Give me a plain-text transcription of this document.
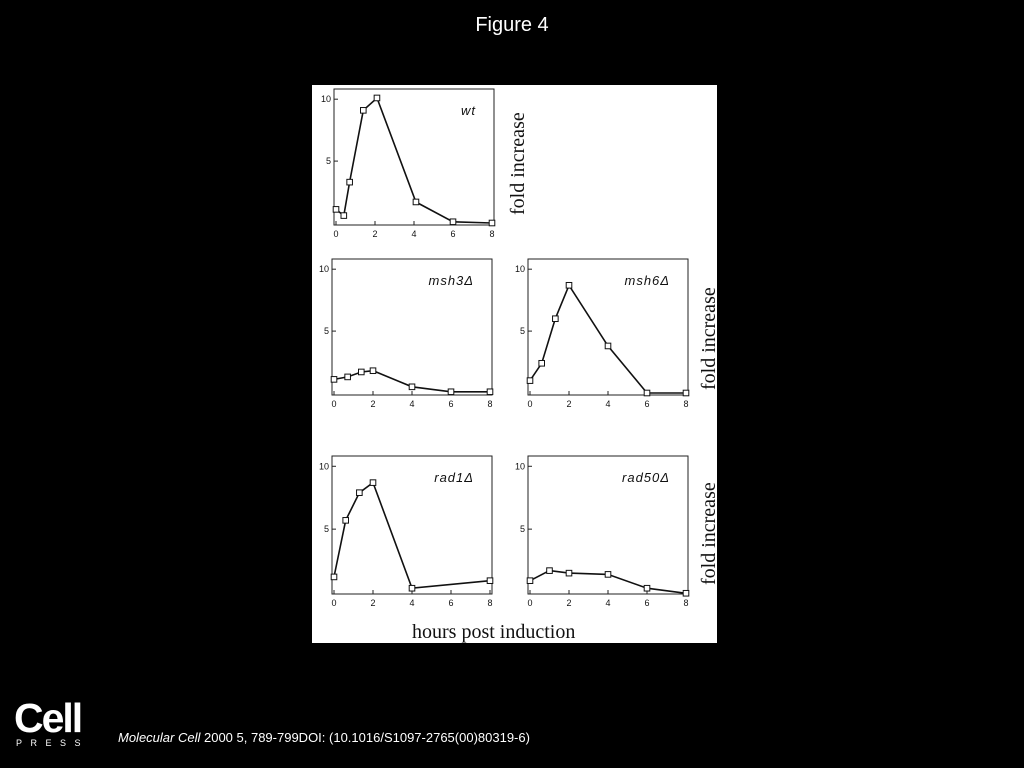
Figure 4
fold increase
fold increase
fold increase
hours post induction
0	2	4	6	8
5
10
wt
0	2	4	6	8
5
10
msh3Δ
0	2	4	6	8
5
10
msh6Δ
0	2	4	6	8
5
10
rad1Δ
0	2	4	6	8
5
10
rad50Δ
Cell
PRESS Molecular Cell 2000 5, 789-799DOI: (10.1016/S1097-2765(00)80319-6)
